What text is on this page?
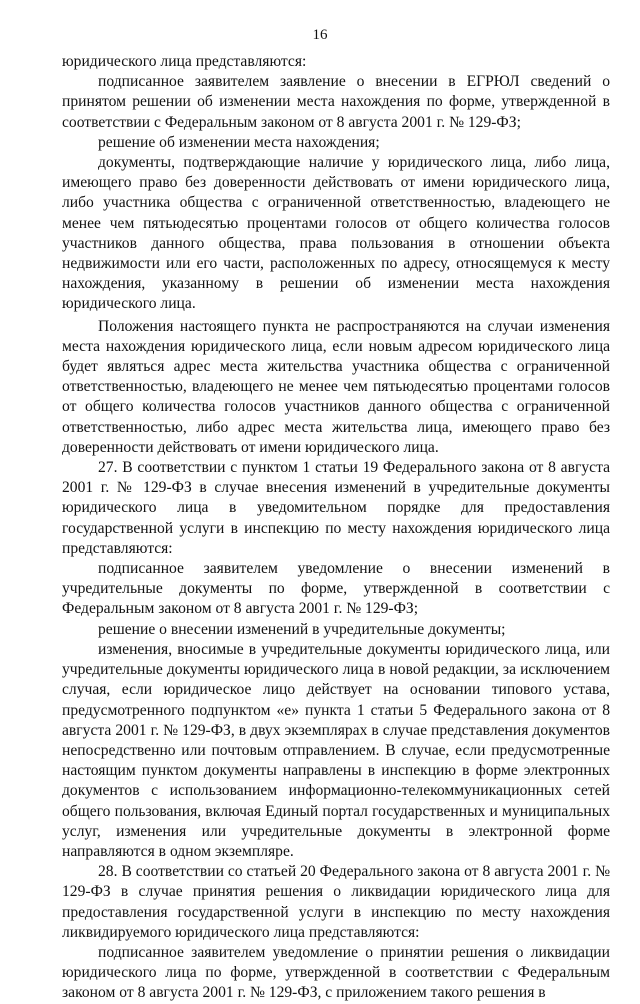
16

юридического лица представляются:

подписанное заявителем заявление о внесении в ЕГРЮЛ сведений о принятом решении об изменении места нахождения по форме, утвержденной в соответствии с Федеральным законом от 8 августа 2001 г. № 129-ФЗ;

решение об изменении места нахождения;

документы, подтверждающие наличие у юридического лица, либо лица, имеющего право без доверенности действовать от имени юридического лица, либо участника общества с ограниченной ответственностью, владеющего не менее чем пятьюдесятью процентами голосов от общего количества голосов участников данного общества, права пользования в отношении объекта недвижимости или его части, расположенных по адресу, относящемуся к месту нахождения, указанному в решении об изменении места нахождения юридического лица.

Положения настоящего пункта не распространяются на случаи изменения места нахождения юридического лица, если новым адресом юридического лица будет являться адрес места жительства участника общества с ограниченной ответственностью, владеющего не менее чем пятьюдесятью процентами голосов от общего количества голосов участников данного общества с ограниченной ответственностью, либо адрес места жительства лица, имеющего право без доверенности действовать от имени юридического лица.

27. В соответствии с пунктом 1 статьи 19 Федерального закона от 8 августа 2001 г. № 129-ФЗ в случае внесения изменений в учредительные документы юридического лица в уведомительном порядке для предоставления государственной услуги в инспекцию по месту нахождения юридического лица представляются:

подписанное заявителем уведомление о внесении изменений в учредительные документы по форме, утвержденной в соответствии с Федеральным законом от 8 августа 2001 г. № 129-ФЗ;

решение о внесении изменений в учредительные документы;

изменения, вносимые в учредительные документы юридического лица, или учредительные документы юридического лица в новой редакции, за исключением случая, если юридическое лицо действует на основании типового устава, предусмотренного подпунктом «е» пункта 1 статьи 5 Федерального закона от 8 августа 2001 г. № 129-ФЗ, в двух экземплярах в случае представления документов непосредственно или почтовым отправлением. В случае, если предусмотренные настоящим пунктом документы направлены в инспекцию в форме электронных документов с использованием информационно-телекоммуникационных сетей общего пользования, включая Единый портал государственных и муниципальных услуг, изменения или учредительные документы в электронной форме направляются в одном экземпляре.

28. В соответствии со статьей 20 Федерального закона от 8 августа 2001 г. № 129-ФЗ в случае принятия решения о ликвидации юридического лица для предоставления государственной услуги в инспекцию по месту нахождения ликвидируемого юридического лица представляются:

подписанное заявителем уведомление о принятии решения о ликвидации юридического лица по форме, утвержденной в соответствии с Федеральным законом от 8 августа 2001 г. № 129-ФЗ, с приложением такого решения в
